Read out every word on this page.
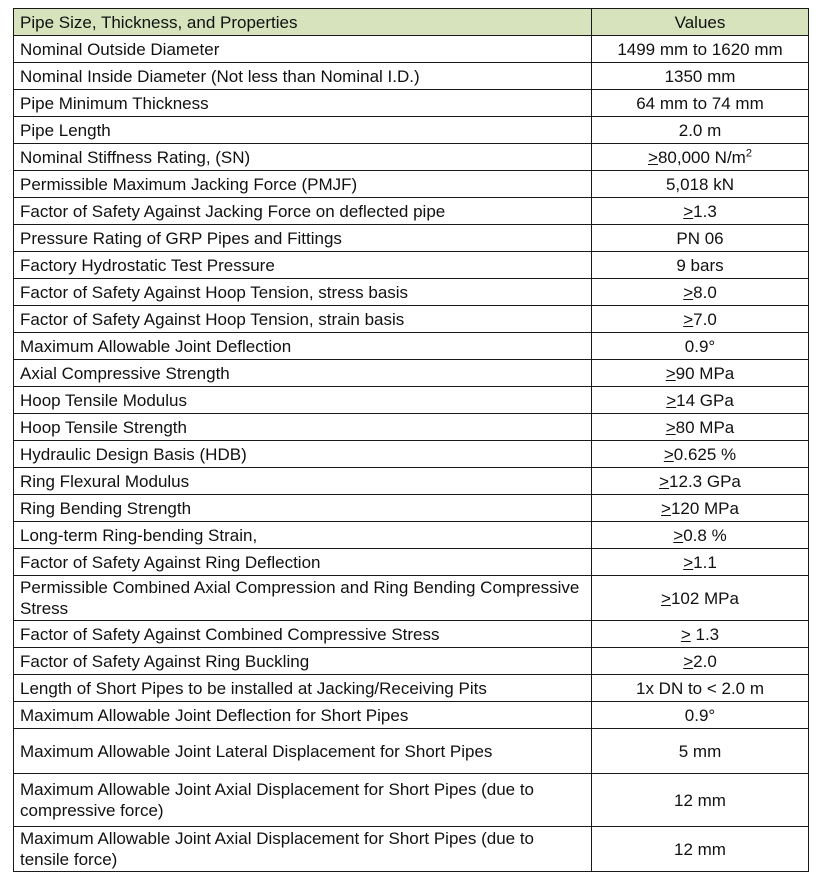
Pipe Size, Thickness, and Properties	Values
Nominal Outside Diameter	1499 mm to 1620 mm
Nominal Inside Diameter (Not less than Nominal I.D.)	1350 mm
Pipe Minimum Thickness	64 mm to 74 mm
Pipe Length	2.0 m
Nominal Stiffness Rating, (SN)	>80,000 $N/m^2$
Permissible Maximum Jacking Force (PMJF)	5,018 kN
Factor of Safety Against Jacking Force on deflected pipe	>1.3
Pressure Rating of GRP Pipes and Fittings	PN 06
Factory Hydrostatic Test Pressure	9 bars
Factor of Safety Against Hoop Tension, stress basis	>8.0
Factor of Safety Against Hoop Tension, strain basis	>7.0
Maximum Allowable Joint Deflection	0.9°
Axial Compressive Strength	>90 MPa
Hoop Tensile Modulus	>14 GPa
Hoop Tensile Strength	>80 MPa
Hydraulic Design Basis (HDB)	>0.625 %
Ring Flexural Modulus	>12.3 GPa
Ring Bending Strength	>120 MPa
Long-term Ring-bending Strain,	>0.8 %
Factor of Safety Against Ring Deflection	>1.1
Permissible Combined Axial Compression and Ring Bending Compressive Stress	>102 MPa
Factor of Safety Against Combined Compressive Stress	> 1.3
Factor of Safety Against Ring Buckling	>2.0
Length of Short Pipes to be installed at Jacking/Receiving Pits	1x DN to < 2.0 m
Maximum Allowable Joint Deflection for Short Pipes	0.9°
Maximum Allowable Joint Lateral Displacement for Short Pipes	5 mm
Maximum Allowable Joint Axial Displacement for Short Pipes (due to compressive force)	12 mm
Maximum Allowable Joint Axial Displacement for Short Pipes (due to tensile force)	12 mm
